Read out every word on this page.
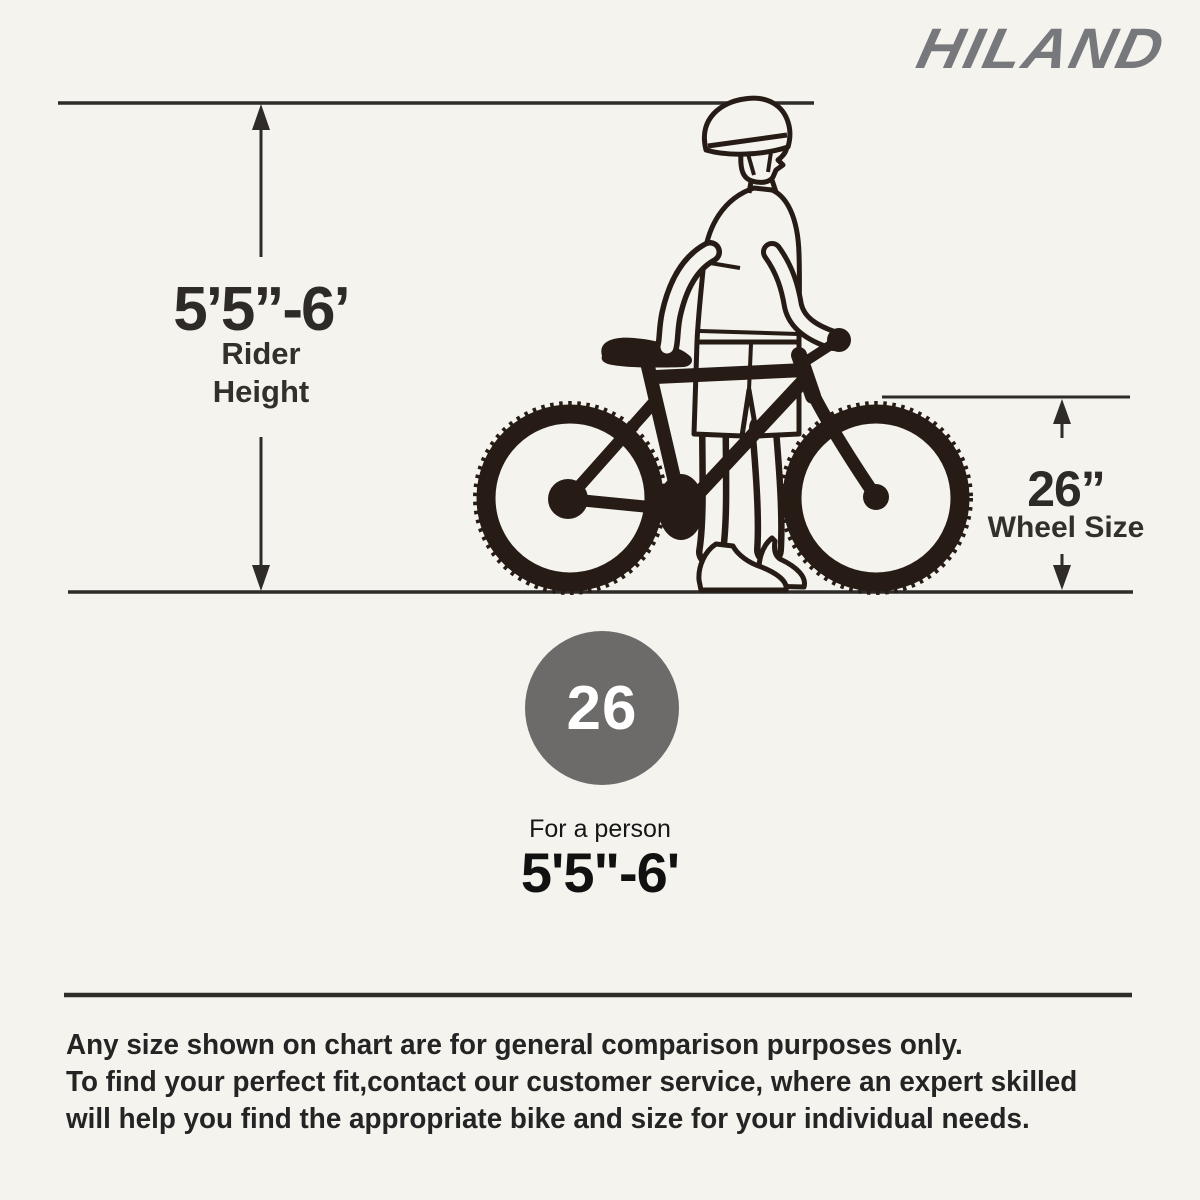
HILAND
5’5”-6’
Rider
Height
26”
Wheel Size
26
For a person
5'5"-6'
Any size shown on chart are for general comparison purposes only.
To find your perfect fit,contact our customer service, where an expert skilled
will help you find the appropriate bike and size for your individual needs.
